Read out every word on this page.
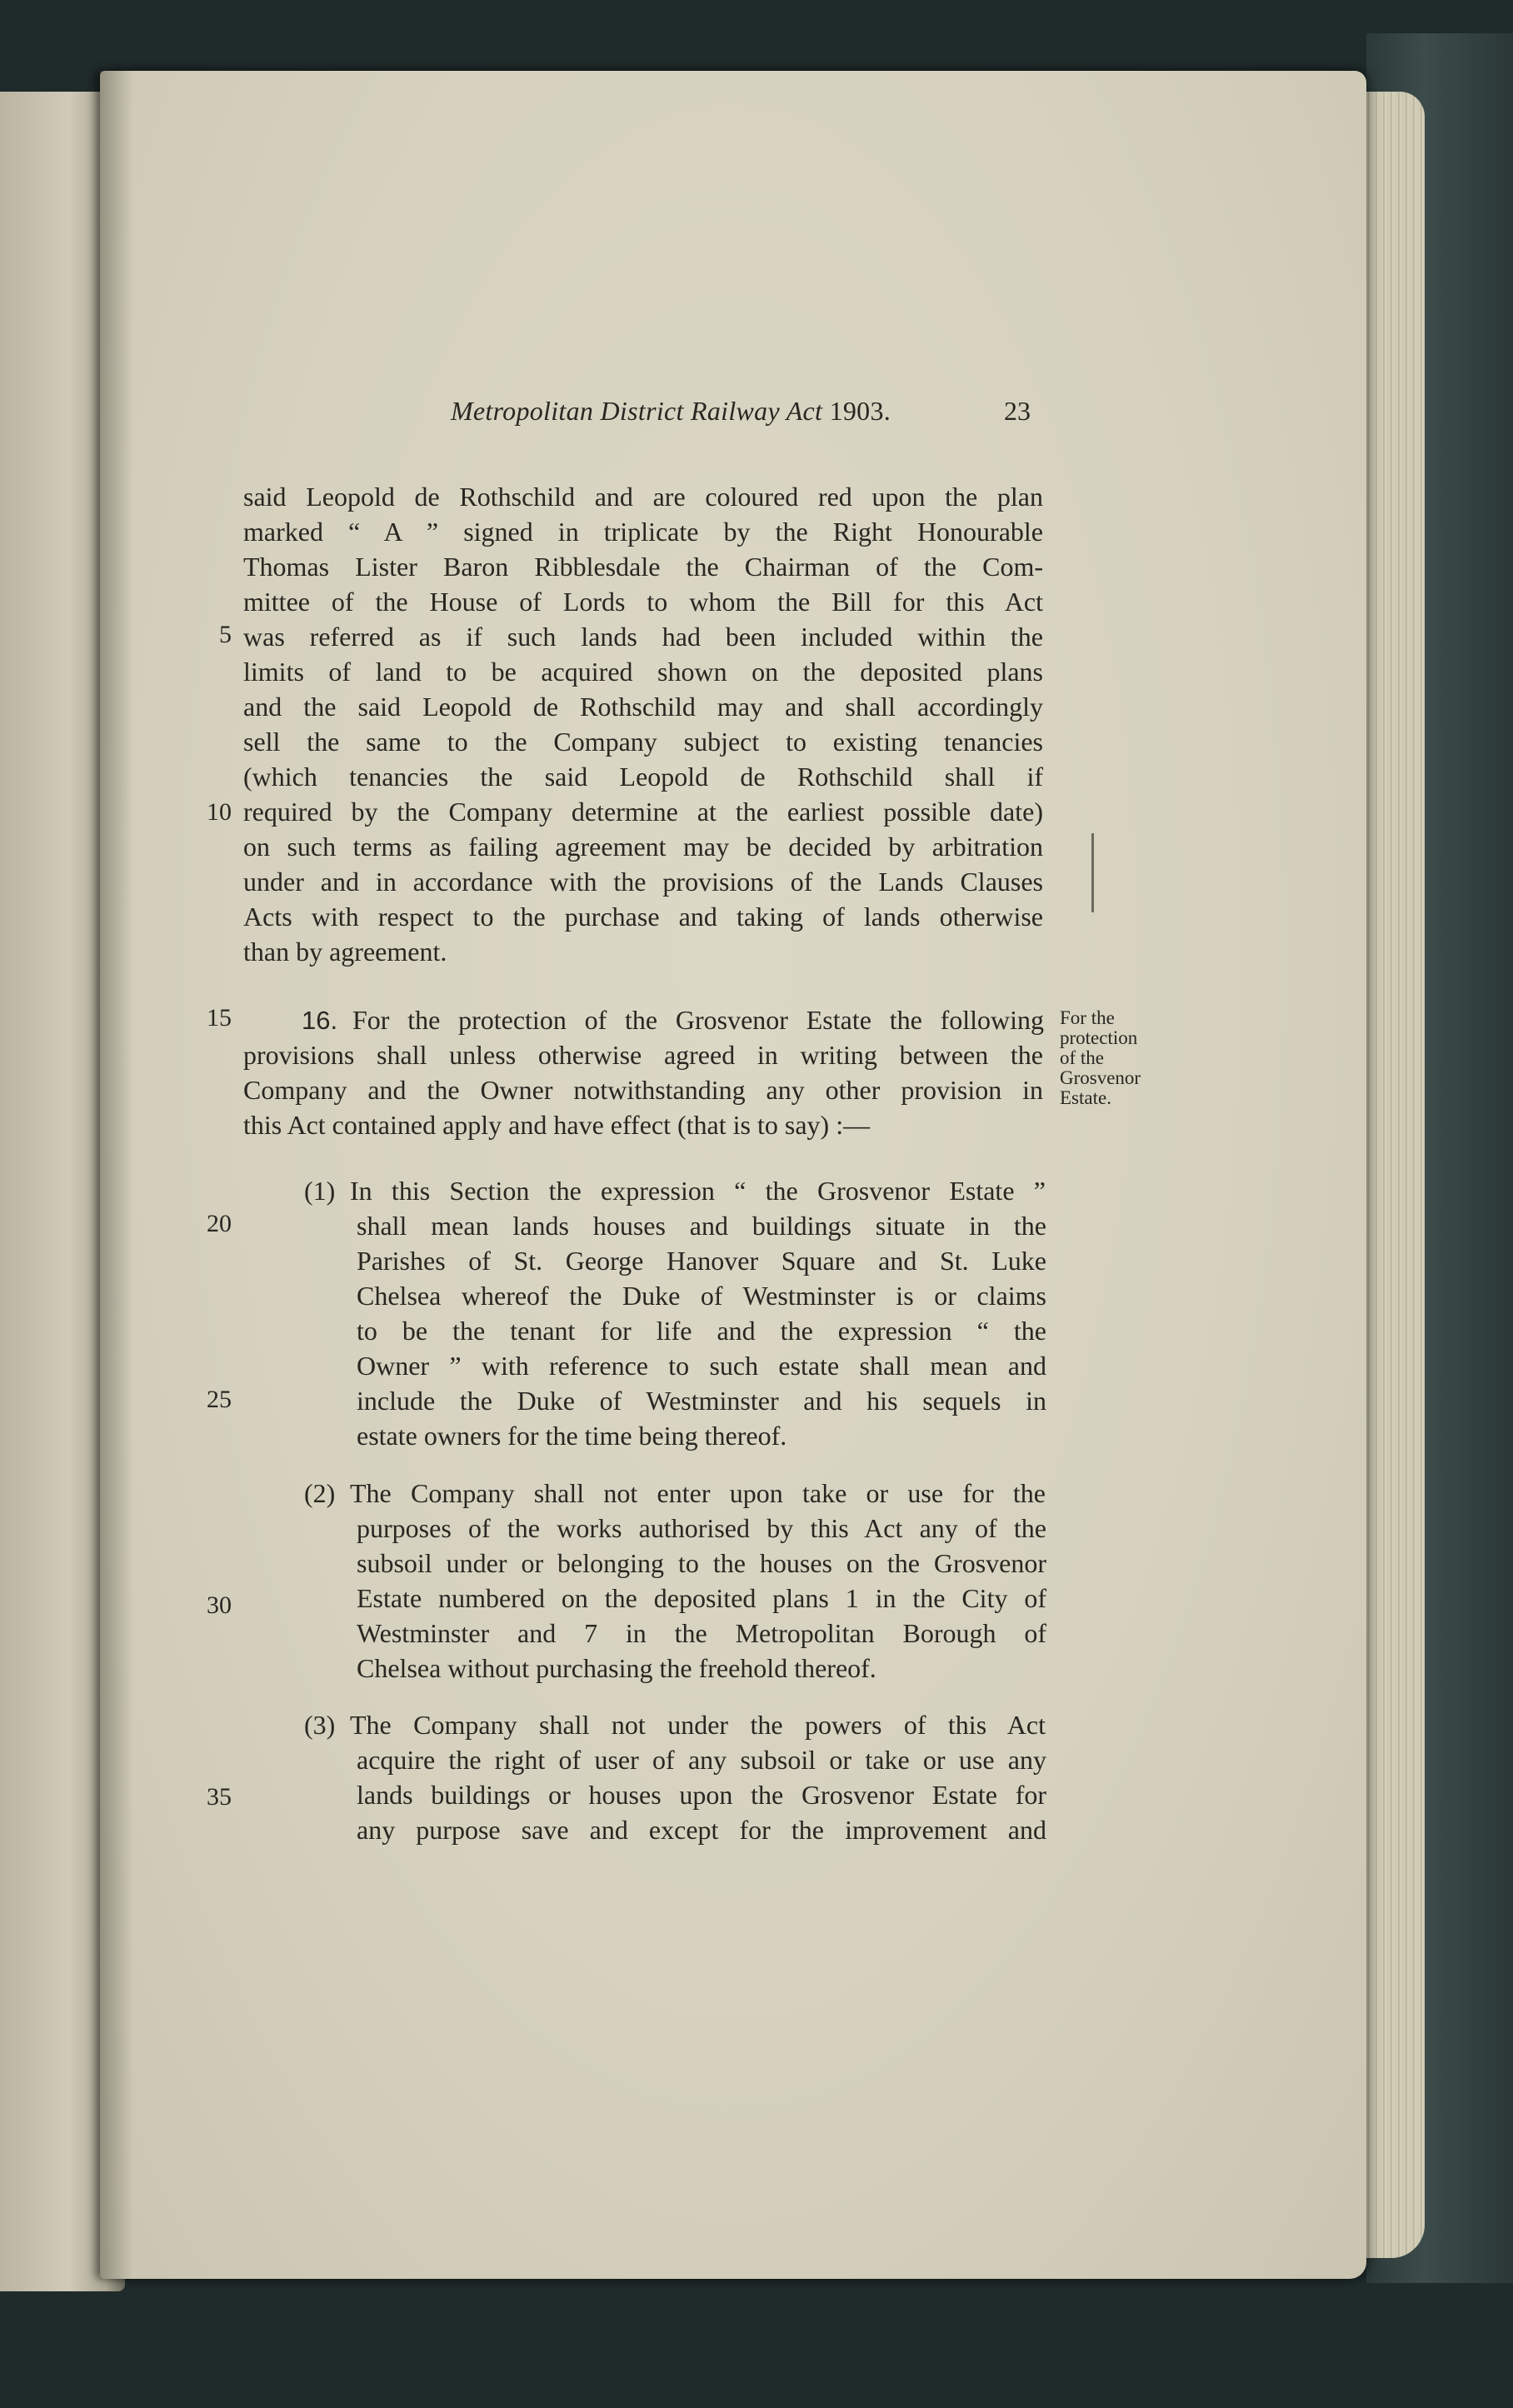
Metropolitan District Railway Act 1903.	23
said Leopold de Rothschild and are coloured red upon the plan
marked “ A ” signed in triplicate by the Right Honourable
Thomas Lister Baron Ribblesdale the Chairman of the Com-
mittee of the House of Lords to whom the Bill for this Act
was referred as if such lands had been included within the
limits of land to be acquired shown on the deposited plans
and the said Leopold de Rothschild may and shall accordingly
sell the same to the Company subject to existing tenancies
(which tenancies the said Leopold de Rothschild shall if
required by the Company determine at the earliest possible date)
on such terms as failing agreement may be decided by arbitration
under and in accordance with the provisions of the Lands Clauses
Acts with respect to the purchase and taking of lands otherwise
than by agreement.
16. For the protection of the Grosvenor Estate the following
provisions shall unless otherwise agreed in writing between the
Company and the Owner notwithstanding any other provision in
this Act contained apply and have effect (that is to say) :—
For the
protection
of the
Grosvenor
Estate.
(1) In this Section the expression “ the Grosvenor Estate ”
shall mean lands houses and buildings situate in the
Parishes of St. George Hanover Square and St. Luke
Chelsea whereof the Duke of Westminster is or claims
to be the tenant for life and the expression “ the
Owner ” with reference to such estate shall mean and
include the Duke of Westminster and his sequels in
estate owners for the time being thereof.
(2) The Company shall not enter upon take or use for the
purposes of the works authorised by this Act any of the
subsoil under or belonging to the houses on the Grosvenor
Estate numbered on the deposited plans 1 in the City of
Westminster and 7 in the Metropolitan Borough of
Chelsea without purchasing the freehold thereof.
(3) The Company shall not under the powers of this Act
acquire the right of user of any subsoil or take or use any
lands buildings or houses upon the Grosvenor Estate for
any purpose save and except for the improvement and
5
10
15
20
25
30
35
